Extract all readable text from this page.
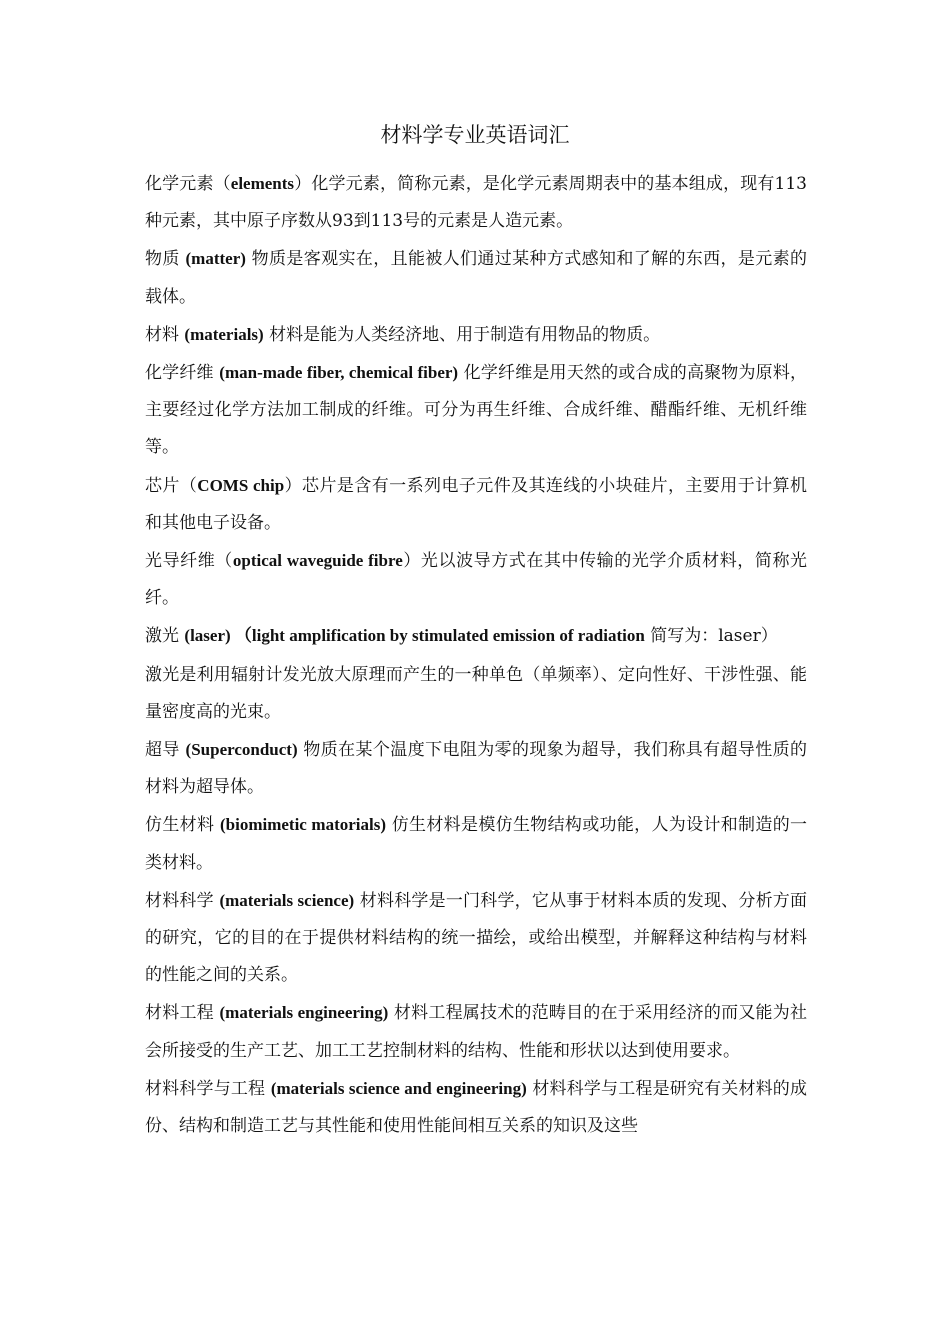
材料学专业英语词汇

化学元素（elements）化学元素，简称元素，是化学元素周期表中的基本组成，现有113种元素，其中原子序数从93到113号的元素是人造元素。

物质 (matter) 物质是客观实在，且能被人们通过某种方式感知和了解的东西，是元素的载体。

材料 (materials) 材料是能为人类经济地、用于制造有用物品的物质。

化学纤维 (man-made fiber, chemical fiber) 化学纤维是用天然的或合成的高聚物为原料，主要经过化学方法加工制成的纤维。可分为再生纤维、合成纤维、醋酯纤维、无机纤维等。

芯片（COMS chip）芯片是含有一系列电子元件及其连线的小块硅片，主要用于计算机和其他电子设备。

光导纤维（optical waveguide fibre）光以波导方式在其中传输的光学介质材料，简称光纤。

激光 (laser) （light amplification by stimulated emission of radiation 简写为：laser）

激光是利用辐射计发光放大原理而产生的一种单色（单频率）、定向性好、干涉性强、能量密度高的光束。

超导 (Superconduct) 物质在某个温度下电阻为零的现象为超导，我们称具有超导性质的材料为超导体。

仿生材料 (biomimetic matorials) 仿生材料是模仿生物结构或功能，人为设计和制造的一类材料。

材料科学 (materials science) 材料科学是一门科学，它从事于材料本质的发现、分析方面的研究，它的目的在于提供材料结构的统一描绘，或给出模型，并解释这种结构与材料的性能之间的关系。

材料工程 (materials engineering) 材料工程属技术的范畴目的在于采用经济的而又能为社会所接受的生产工艺、加工工艺控制材料的结构、性能和形状以达到使用要求。

材料科学与工程 (materials science and engineering) 材料科学与工程是研究有关材料的成份、结构和制造工艺与其性能和使用性能间相互关系的知识及这些
